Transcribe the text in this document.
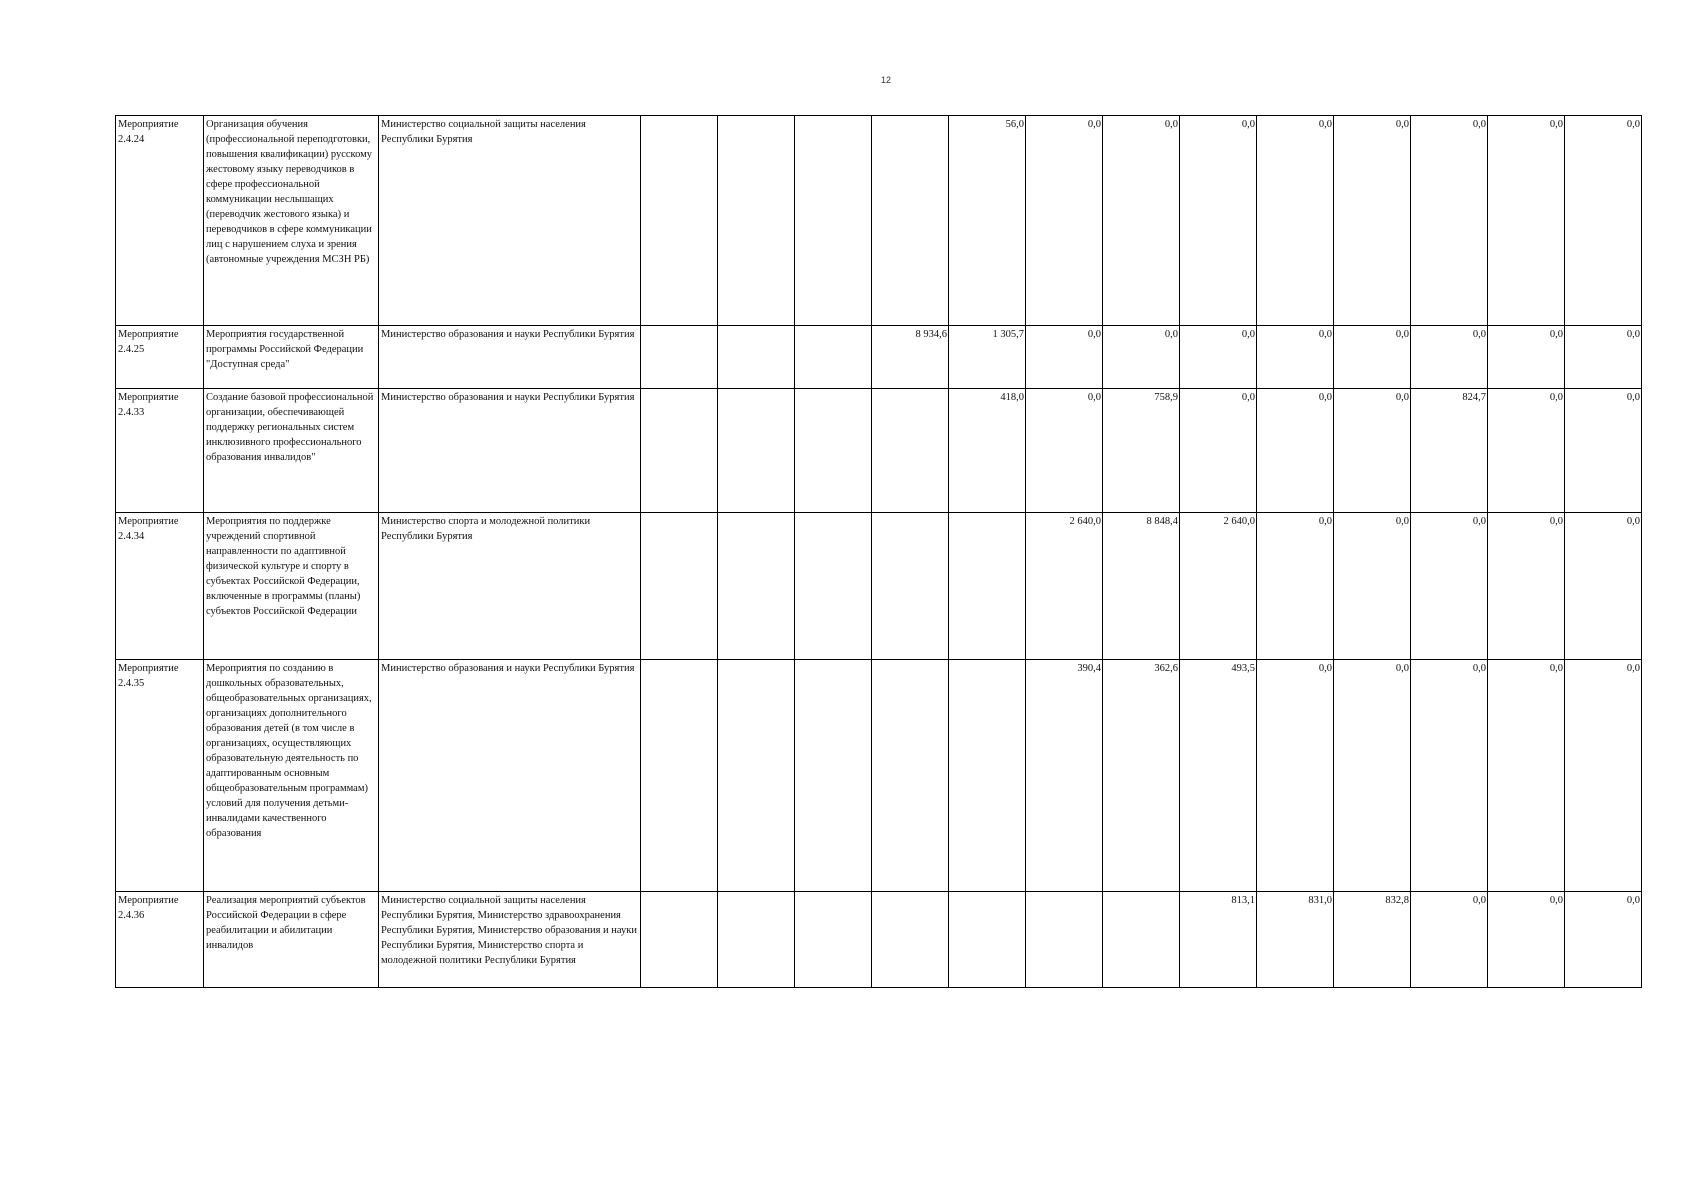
12
Мероприятие 2.4.24	Организация обучения (профессиональной переподготовки, повышения квалификации) русскому жестовому языку переводчиков в сфере профессиональной коммуникации неслышащих (переводчик жестового языка) и переводчиков в сфере коммуникации лиц с нарушением слуха и зрения (автономные учреждения МСЗН РБ)	Министерство социальной защиты населения Республики Бурятия					56,0	0,0	0,0	0,0	0,0	0,0	0,0	0,0	0,0
Мероприятие 2.4.25	Мероприятия государственной программы Российской Федерации "Доступная среда"	Министерство образования и науки Республики Бурятия				8 934,6	1 305,7	0,0	0,0	0,0	0,0	0,0	0,0	0,0	0,0
Мероприятие 2.4.33	Создание базовой профессиональной организации, обеспечивающей поддержку региональных систем инклюзивного профессионального образования инвалидов"	Министерство образования и науки Республики Бурятия					418,0	0,0	758,9	0,0	0,0	0,0	824,7	0,0	0,0
Мероприятие 2.4.34	Мероприятия по поддержке учреждений спортивной направленности по адаптивной физической культуре и спорту в субъектах Российской Федерации, включенные в программы (планы) субъектов Российской Федерации	Министерство спорта и молодежной политики Республики Бурятия						2 640,0	8 848,4	2 640,0	0,0	0,0	0,0	0,0	0,0
Мероприятие 2.4.35	Мероприятия по созданию в дошкольных образовательных, общеобразовательных организациях, организациях дополнительного образования детей (в том числе в организациях, осуществляющих образовательную деятельность по адаптированным основным общеобразовательным программам) условий для получения детьми-инвалидами качественного образования	Министерство образования и науки Республики Бурятия						390,4	362,6	493,5	0,0	0,0	0,0	0,0	0,0
Мероприятие 2.4.36	Реализация мероприятий субъектов Российской Федерации в сфере реабилитации и абилитации инвалидов	Министерство социальной защиты населения Республики Бурятия, Министерство здравоохранения Республики Бурятия, Министерство образования и науки Республики Бурятия, Министерство спорта и молодежной политики Республики Бурятия								813,1	831,0	832,8	0,0	0,0	0,0
